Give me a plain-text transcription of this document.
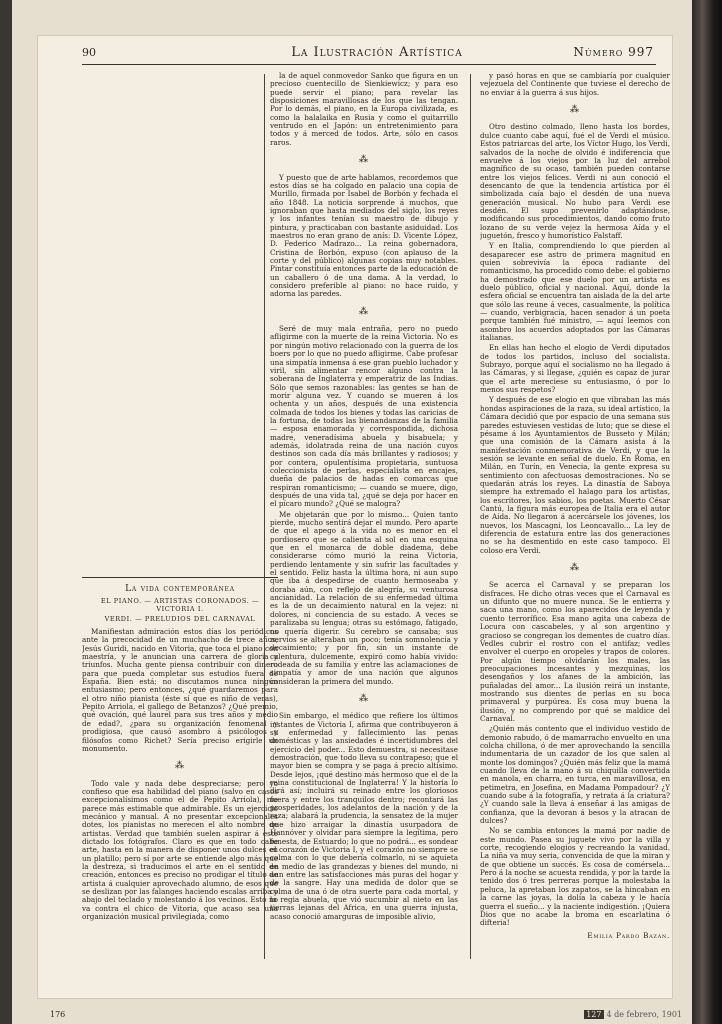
90	La Ilustración Artística	Número 997
La vida contemporánea
EL PIANO. — ARTISTAS CORONADOS. — VICTORIA I.
VERDI. — PRELUDIOS DEL CARNAVAL

Manifiestan admiración estos días los periódicos ante la precocidad de un muchacho de trece años, Jesús Guridi, nacido en Vitoria, que toca el piano con maestría, y le anuncian una carrera de gloria y triunfos. Mucha gente piensa contribuir con dinero para que pueda completar sus estudios fuera de España. Bien está; no discutamos nunca ningún entusiasmo; pero entonces, ¿qué guardaremos para el otro niño pianista (éste sí que es niño de veras), Pepito Arriola, el gallego de Betanzos? ¿Qué premio, qué ovación, qué laurel para sus tres años y medio de edad?, ¿para su organización fenomenal y prodigiosa, que causó asombro á psicólogos y filósofos como Richet? Sería preciso erigirle un monumento.

⁂

Todo vale y nada debe despreciarse; pero yo confieso que esa habilidad del piano (salvo en casos excepcionalísimos como el de Pepito Arriola), me parece más estimable que admirable. Es un ejercicio mecánico y manual. A no presentar excepcionales dotes, los pianistas no merecen el alto nombre de artistas. Verdad que también suelen aspirar á este dictado los fotógrafos. Claro es que en todo cabe arte, hasta en la manera de disponer unos dulces en un platillo; pero sí por arte se entiende algo más que la destreza, si traducimos el arte en el sentido de creación, entonces es preciso no prodigar el título de artista á cualquier aprovechado alumno, de esos que se deslizan por las falanges haciendo escalas arriba y abajo del teclado y molestando á los vecinos. Esto no va contra el chico de Vitoria, que acaso sea una organización musical privilegiada, como

la de aquel conmovedor Sanko que figura en un precioso cuentecillo de Sienkiewicz; y para eso puede servir el piano; para revelar las disposiciones maravillosas de los que las tengan. Por lo demás, el piano, en la Europa civilizada, es como la balalaika en Rusia y como el guitarrillo ventrudo en el Japón: un entretenimiento para todos y á merced de todos. Arte, sólo en casos raros.

⁂

Y puesto que de arte hablamos, recordemos que estos días se ha colgado en palacio una copia de Murillo, firmada por Isabel de Borbón y fechada el año 1848. La noticia sorprende á muchos, que ignoraban que hasta mediados del siglo, los reyes y los infantes tenían su maestro de dibujo y pintura, y practicaban con bastante asiduidad. Los maestros no eran grano de anís: D. Vicente López, D. Federico Madrazo... La reina gobernadora, Cristina de Borbón, expuso (con aplauso de la corte y del público) algunas copias muy notables. Pintar constituía entonces parte de la educación de un caballero ó de una dama. A la verdad, lo considero preferible al piano: no hace ruido, y adorna las paredes.

⁂

Seré de muy mala entraña, pero no puedo afligirme con la muerte de la reina Victoria. No es por ningún motivo relacionado con la guerra de los boers por lo que no puedo afligirme. Cabe profesar una simpatía inmensa á ese gran pueblo luchador y viril, sin alimentar rencor alguno contra la soberana de Inglaterra y emperatriz de las Indias. Sólo que semos razonables: las gentes se han de morir alguna vez. Y cuando se mueren á los ochenta y un años, después de una existencia colmada de todos los bienes y todas las caricias de la fortuna, de todas las bienandanzas de la familia — esposa enamorada y correspondida, dichosa madre, veneradísima abuela y bisabuela; y además, idolatrada reina de una nación cuyos destinos son cada día más brillantes y radiosos; y por contera, opulentísima propietaria, suntuosa coleccionista de perlas, especialista en encajes, dueña de palacios de hadas en comarcas que respiran romanticismo; — cuando se muere, digo, después de una vida tal, ¿qué se deja por hacer en el pícaro mundo? ¿Qué se malogra?

Me objetarán que por lo mismo... Quien tanto pierde, mucho sentirá dejar el mundo. Pero aparte de que el apego á la vida no es menor en el pordiosero que se calienta al sol en una esquina que en el monarca de doble diadema, debe considerarse cómo murió la reina Victoria, perdiendo lentamente y sin sufrir las facultades y el sentido. Feliz hasta la última hora, ni aun supo que iba á despedirse de cuanto hermoseaba y doraba aún, con reflejo de alegría, su venturosa ancianidad. La relación de su enfermedad última es la de un decaimiento natural en la vejez: ni dolores, ni conciencia de su estado. A veces se paralizaba su lengua; otras su estómago, fatigado, no quería digerir. Su cerebro se cansaba; sus nervios se alteraban un poco; tenía somnolencia y decaimiento; y por fin, sin un instante de calentura, dulcemente, expiró como había vivido: rodeada de su familia y entre las aclamaciones de simpatía y amor de una nación que algunos consideran la primera del mundo.

⁂

Sin embargo, el médico que refiere los últimos instantes de Victoria I, afirma que contribuyeron á su enfermedad y fallecimiento las penas domésticas y las ansiedades é incertidumbres del ejercicio del poder... Esto demuestra, si necesitase demostración, que todo lleva su contrapeso; que el mayor bien se compra y se paga á precio altísimo. Desde lejos, ¡qué destino más hermoso que el de la reina constitucional de Inglaterra! Y la historia lo dirá así; incluirá su reinado entre los gloriosos fuera y entre los tranquilos dentro; recontará las prosperidades, los adelantos de la nación y de la raza; alabará la prudencia, la sensatez de la mujer que hizo arraigar la dinastía usurpadora de Hannóver y olvidar para siempre la legítima, pero funesta, de Estuardo; lo que no podrá... es sondear el corazón de Victoria I, y el corazón no siempre se colma con lo que debería colmarlo, ni se aquieta en medio de las grandezas y bienes del mundo, ni aun entre las satisfacciones más puras del hogar y de la sangre. Hay una medida de dolor que se colma de una ó de otra suerte para cada mortal, y la regia abuela, que vió sucumbir al nieto en las tierras lejanas del Africa, en una guerra injusta, acaso conoció amarguras de imposible alivio,

y pasó horas en que se cambiaría por cualquier vejezuela del Continente que tuviese el derecho de no enviar á la guerra á sus hijos.

⁂

Otro destino colmado, lleno hasta los bordes, dulce cuanto cabe aquí, fué el de Verdi el músico. Estos patriarcas del arte, los Víctor Hugo, los Verdi, salvados de la noche de olvido é indiferencia que envuelve á los viejos por la luz del arrebol magnífico de su ocaso, también pueden contarse entre los viejos felices. Verdi ni aun conoció el desencanto de que la tendencia artística por él simbolizada caía bajo el desdén de una nueva generación musical. No hubo para Verdi ese desdén. El supo prevenirlo adaptándose, modificando sus procedimientos, dando como fruto lozano de su verde vejez la hermosa Aída y el juguetón, fresco y humorístico Falstaff.

Y en Italia, comprendiendo lo que pierden al desaparecer ese astro de primera magnitud en quien sobrevivía la época radiante del romanticismo, ha procedido como debe: el gobierno ha demostrado que ese duelo por un artista es duelo público, oficial y nacional. Aquí, donde la esfera oficial se encuentra tan aislada de la del arte que sólo las reune á veces, casualmente, la política — cuando, verbigracia, hacen senador á un poeta porque también fué ministro, — aquí leemos con asombro los acuerdos adoptados por las Cámaras italianas.

En ellas han hecho el elogio de Verdi diputados de todos los partidos, incluso del socialista. Subrayo, porque aquí el socialismo no ha llegado á las Cámaras, y si llegase, ¿quién es capaz de jurar que el arte mereciese su entusiasmo, ó por lo menos sus respetos?

Y después de ese elogio en que vibraban las más hondas aspiraciones de la raza, su ideal artístico, la Cámara decidió que por espacio de una semana sus paredes estuviesen vestidas de luto; que se diese el pésame á los Ayuntamientos de Busseto y Milán; que una comisión de la Cámara asista á la manifestación conmemorativa de Verdi, y que la sesión se levante en señal de duelo. En Roma, en Milán, en Turín, en Venecia, la gente expresa su sentimiento con afectuosas demostraciones. No se quedarán atrás los reyes. La dinastía de Saboya siempre ha extremado el halago para los artistas, los escritores, los sabios, los poetas. Muerto César Cantú, la figura más europea de Italia era el autor de Aída. No llegaron á acercársele los jóvenes, los nuevos, los Mascagni, los Leoncavallo... La ley de diferencia de estatura entre las dos generaciones no se ha desmentido en este caso tampoco. El coloso era Verdi.

⁂

Se acerca el Carnaval y se preparan los disfraces. He dicho otras veces que el Carnaval es un difunto que no muere nunca. Se le entierra y saca una mano, como los aparecidos de leyenda y cuento terrorífico. Esa mano agita una cabeza de Locura con cascabeles, y al son argentino y gracioso se congregan los dementes de cuatro días. Vedles cubrir el rostro con el antifaz; vedles envolver el cuerpo en oropeles y trapos de colores. Por algún tiempo olvidarán los males, las preocupaciones incesantes y mezquinas, los desengaños y los afanes de la ambición, las puñaladas del amor... La ilusión reirá un instante, mostrando sus dientes de perlas en su boca primaveral y purpúrea. Es cosa muy buena la ilusión, y no comprendo por qué se maldice del Carnaval.

¿Quién más contento que el individuo vestido de demonio rabudo, ó de mamarracho envuelto en una colcha chillona, ó de mer aprovechando la sencilla indumentaria de un cazador de los que salen al monte los domingos? ¿Quién más feliz que la mamá cuando lleva de la mano á su chiquilla convertida en manola, en charra, en turca, en maravillosa, en petimetra, en Josefina, en Madama Pompadour? ¿Y cuando sube á la fotografía, y retrata á la criatura? ¿Y cuando sale la lleva á enseñar á las amigas de confianza, que la devoran á besos y la atracan de dulces?

No se cambia entonces la mamá por nadie de este mundo. Pasea su juguete vivo por la villa y corte, recogiendo elogios y recreando la vanidad. La niña va muy seria, convencida de que la miran y de que obtiene un succés. Es cosa de comérsela... Pero á la noche se acuesta rendida, y por la tarde la tenido dos ó tres perreras porque la molestaba la peluca, la apretaban los zapatos, se la hincaban en la carne las joyas, la dolía la cabeza y le hacía guerra el sueño... y la naciente indigestión. ¡Quiera Dios que no acabe la broma en escarlatina ó difteria!

Emilia Pardo Bazán.
176	127 4 de febrero, 1901
